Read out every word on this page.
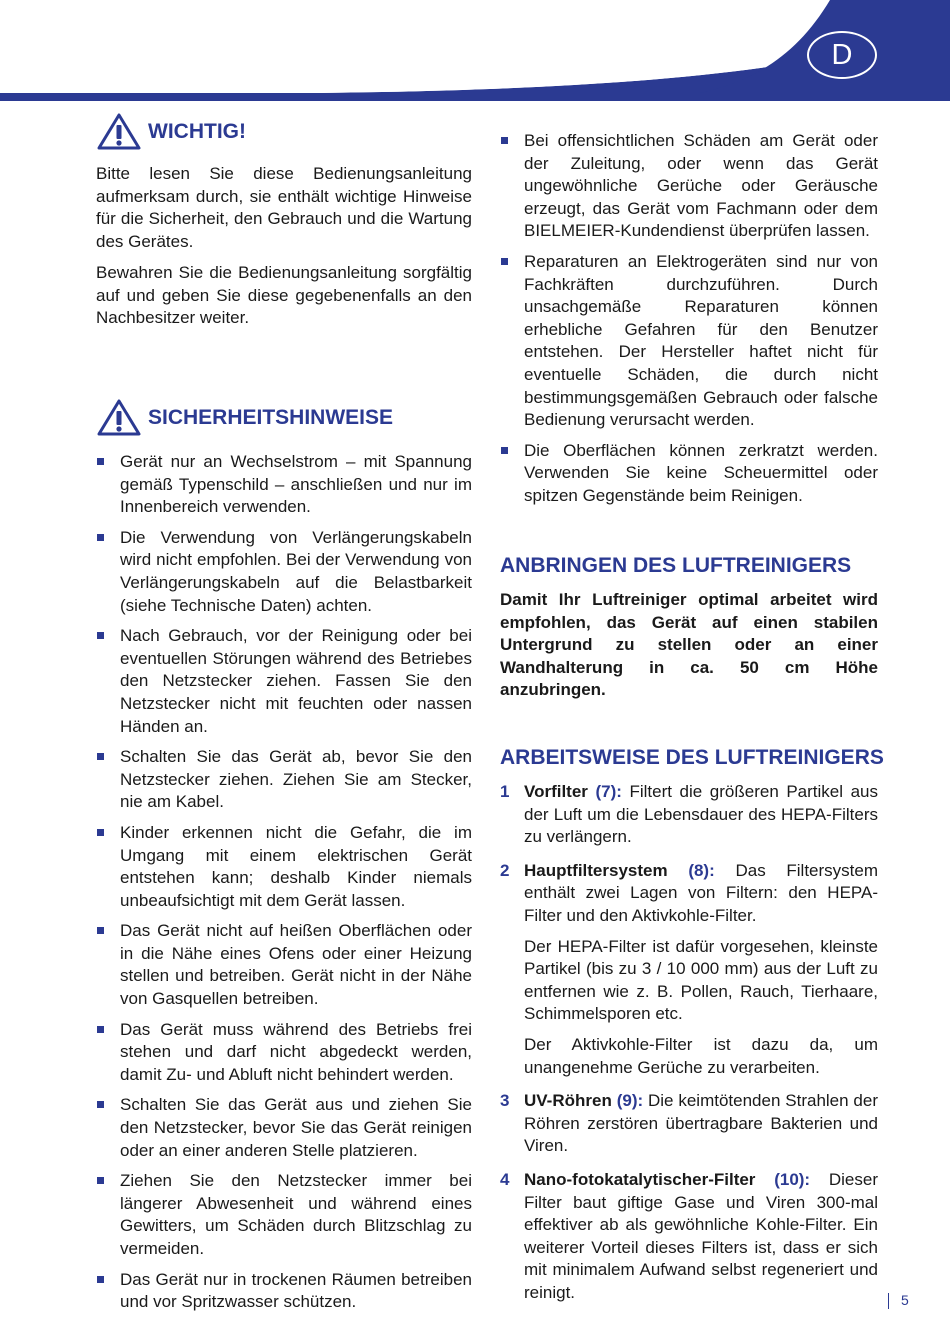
D
WICHTIG!

Bitte lesen Sie diese Bedienungsanleitung aufmerksam durch, sie enthält wichtige Hinweise für die Sicherheit, den Gebrauch und die Wartung des Gerätes.

Bewahren Sie die Bedienungsanleitung sorgfältig auf und geben Sie diese gegebenenfalls an den Nachbesitzer weiter.

SICHERHEITSHINWEISE
Gerät nur an Wechselstrom – mit Spannung gemäß Typenschild – anschließen und nur im Innenbereich verwenden.
Die Verwendung von Verlängerungskabeln wird nicht empfohlen. Bei der Verwendung von Verlängerungskabeln auf die Belastbarkeit (siehe Technische Daten) achten.
Nach Gebrauch, vor der Reinigung oder bei eventuellen Störungen während des Betriebes den Netzstecker ziehen. Fassen Sie den Netzstecker nicht mit feuchten oder nassen Händen an.
Schalten Sie das Gerät ab, bevor Sie den Netzstecker ziehen. Ziehen Sie am Stecker, nie am Kabel.
Kinder erkennen nicht die Gefahr, die im Umgang mit einem elektrischen Gerät entstehen kann; deshalb Kinder niemals unbeaufsichtigt mit dem Gerät lassen.
Das Gerät nicht auf heißen Oberflächen oder in die Nähe eines Ofens oder einer Heizung stellen und betreiben. Gerät nicht in der Nähe von Gasquellen betreiben.
Das Gerät muss während des Betriebs frei stehen und darf nicht abgedeckt werden, damit Zu- und Abluft nicht behindert werden.
Schalten Sie das Gerät aus und ziehen Sie den Netzstecker, bevor Sie das Gerät reinigen oder an einer anderen Stelle platzieren.
Ziehen Sie den Netzstecker immer bei längerer Abwesenheit und während eines Gewitters, um Schäden durch Blitzschlag zu vermeiden.
Das Gerät nur in trockenen Räumen betreiben und vor Spritzwasser schützen.
Bei offensichtlichen Schäden am Gerät oder der Zuleitung, oder wenn das Gerät ungewöhnliche Gerüche oder Geräusche erzeugt, das Gerät vom Fachmann oder dem BIELMEIER-Kundendienst überprüfen lassen.
Reparaturen an Elektrogeräten sind nur von Fachkräften durchzuführen. Durch unsachgemäße Reparaturen können erhebliche Gefahren für den Benutzer entstehen. Der Hersteller haftet nicht für eventuelle Schäden, die durch nicht bestimmungsgemäßen Gebrauch oder falsche Bedienung verursacht werden.
Die Oberflächen können zerkratzt werden. Verwenden Sie keine Scheuermittel oder spitzen Gegenstände beim Reinigen.
ANBRINGEN DES LUFTREINIGERS

Damit Ihr Luftreiniger optimal arbeitet wird empfohlen, das Gerät auf einen stabilen Untergrund zu stellen oder an einer Wandhalterung in ca. 50 cm Höhe anzubringen.

ARBEITSWEISE DES LUFTREINIGERS
1 Vorfilter (7): Filtert die größeren Partikel aus der Luft um die Lebensdauer des HEPA-Filters zu verlängern.
2 Hauptfiltersystem (8): Das Filtersystem enthält zwei Lagen von Filtern: den HEPA-Filter und den Aktivkohle-Filter.
Der HEPA-Filter ist dafür vorgesehen, kleinste Partikel (bis zu 3 / 10 000 mm) aus der Luft zu entfernen wie z. B. Pollen, Rauch, Tierhaare, Schimmelsporen etc.
Der Aktivkohle-Filter ist dazu da, um unangenehme Gerüche zu verarbeiten.
3 UV-Röhren (9): Die keimtötenden Strahlen der Röhren zerstören übertragbare Bakterien und Viren.
4 Nano-fotokatalytischer-Filter (10): Dieser Filter baut giftige Gase und Viren 300-mal effektiver ab als gewöhnliche Kohle-Filter. Ein weiterer Vorteil dieses Filters ist, dass er sich mit minimalem Aufwand selbst regeneriert und reinigt.	5
